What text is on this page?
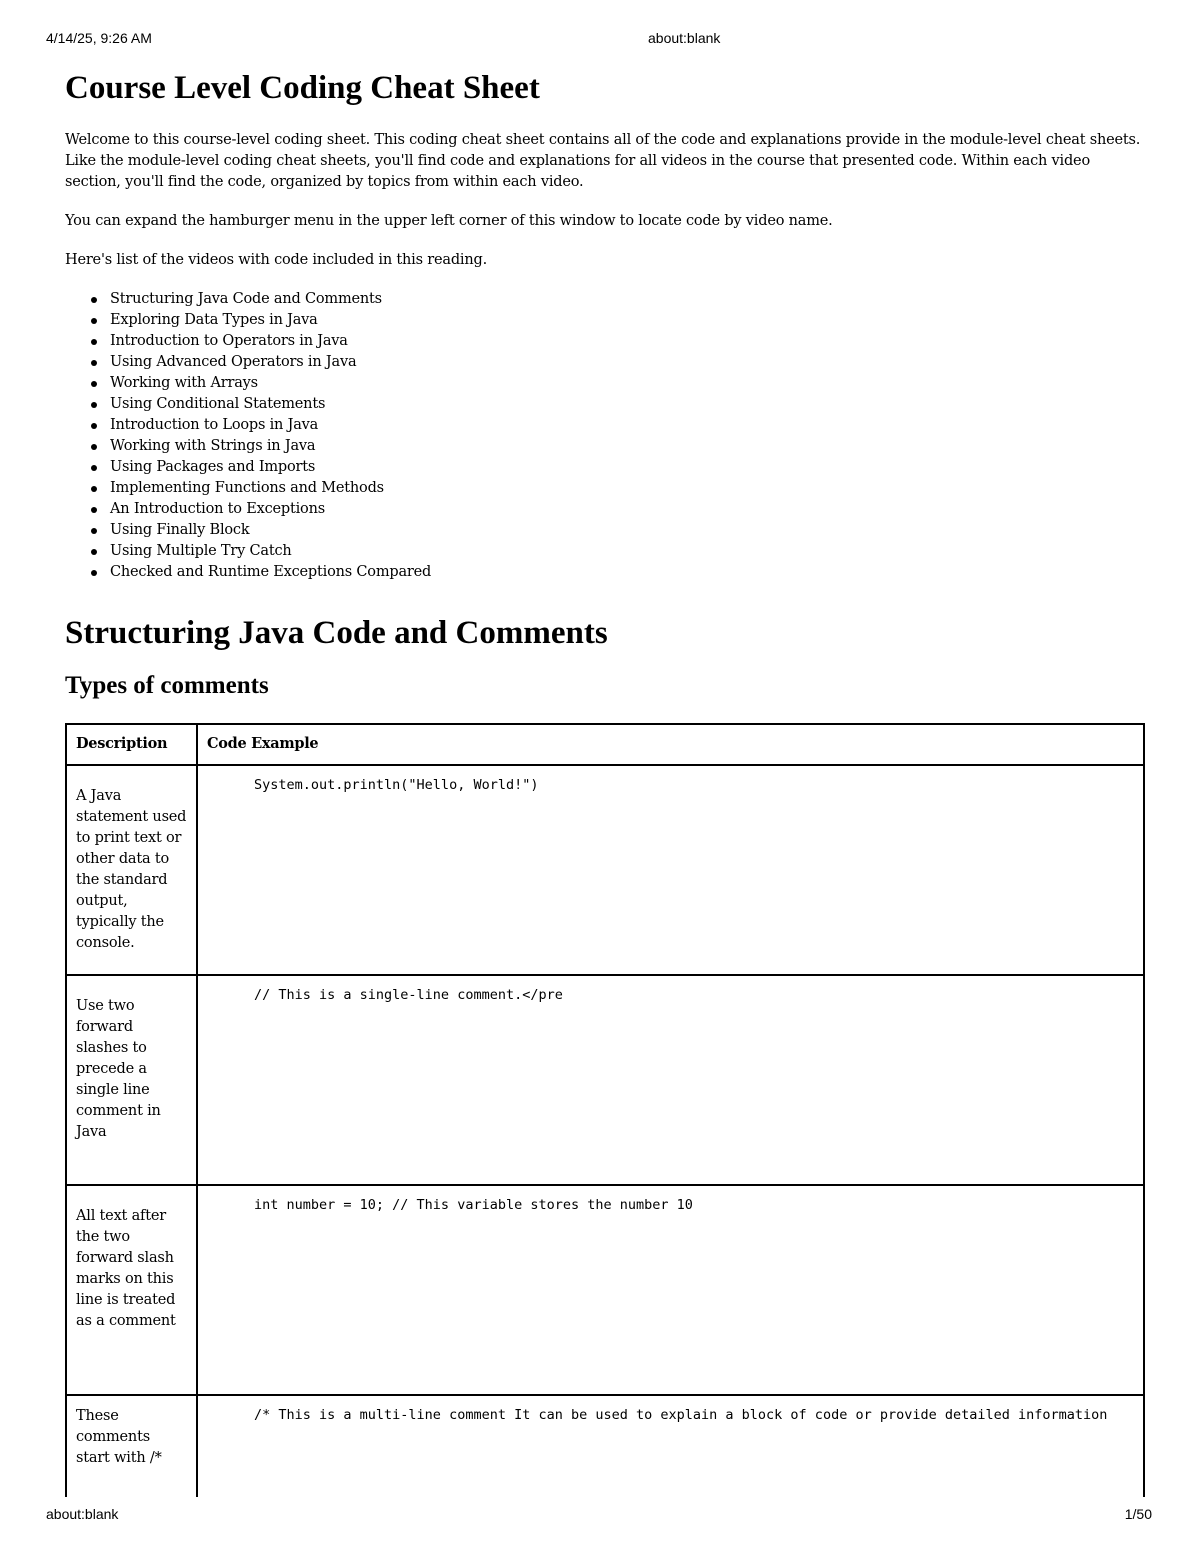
4/14/25, 9:26 AM	about:blank
Course Level Coding Cheat Sheet

Welcome to this course-level coding sheet. This coding cheat sheet contains all of the code and explanations provide in the module-level cheat sheets. Like the module-level coding cheat sheets, you'll find code and explanations for all videos in the course that presented code. Within each video section, you'll find the code, organized by topics from within each video.

You can expand the hamburger menu in the upper left corner of this window to locate code by video name.

Here's list of the videos with code included in this reading.

Structuring Java Code and Comments
Exploring Data Types in Java
Introduction to Operators in Java
Using Advanced Operators in Java
Working with Arrays
Using Conditional Statements
Introduction to Loops in Java
Working with Strings in Java
Using Packages and Imports
Implementing Functions and Methods
An Introduction to Exceptions
Using Finally Block
Using Multiple Try Catch
Checked and Runtime Exceptions Compared
Structuring Java Code and Comments
Types of comments
Description	Code Example
A Java statement used to print text or other data to the standard output, typically the console.	System.out.println("Hello, World!")
Use two forward slashes to precede a single line comment in Java	// This is a single-line comment.</pre
All text after the two forward slash marks on this line is treated as a comment	int number = 10; // This variable stores the number 10
These comments start with /*	/* This is a multi-line comment It can be used to explain a block of code or provide detailed information
about:blank	1/50
